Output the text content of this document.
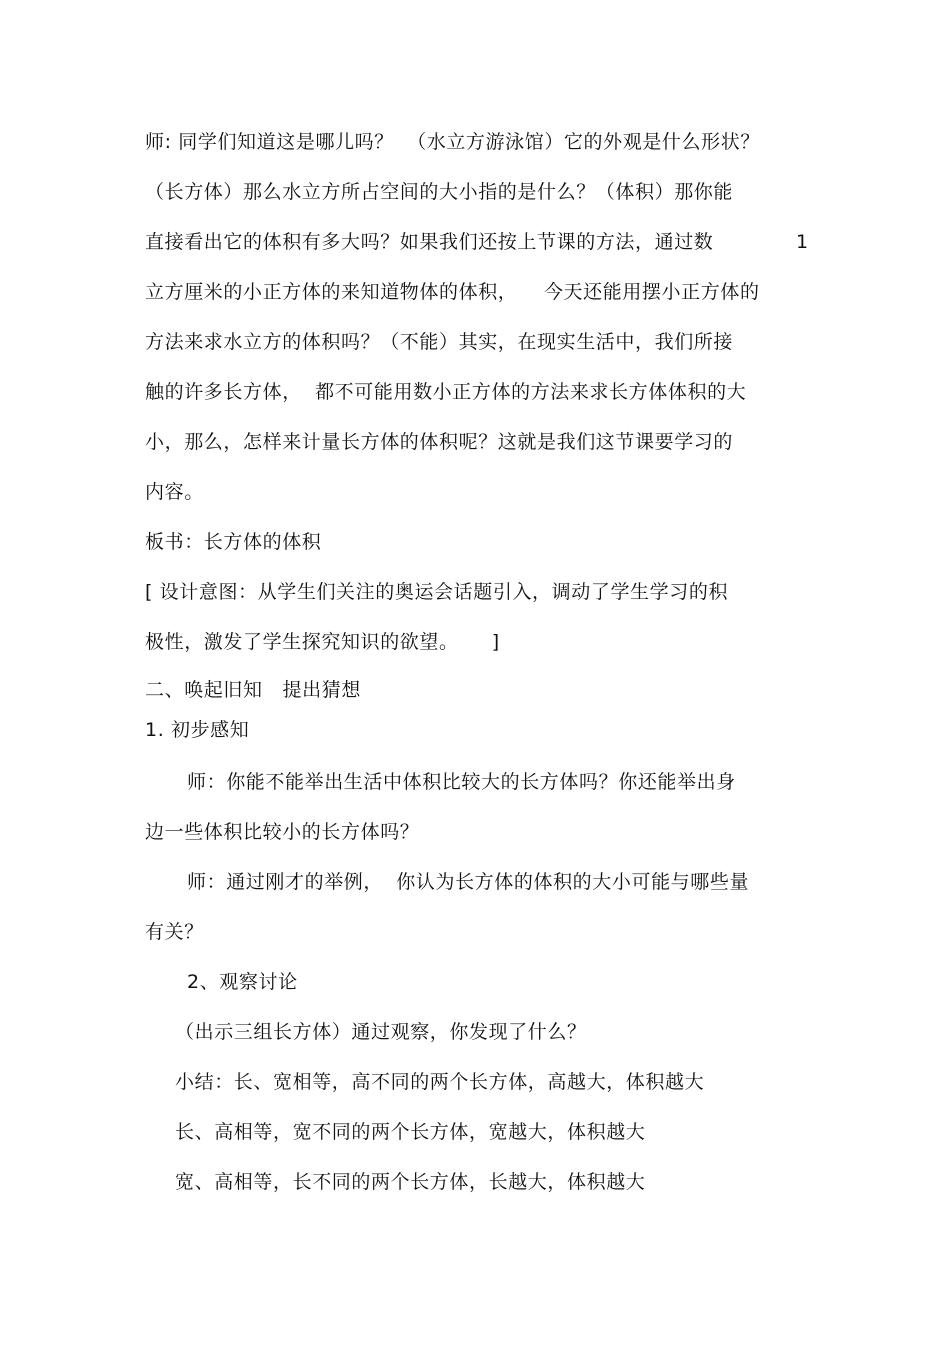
师: 同学们知道这是哪儿吗？  （水立方游泳馆）它的外观是什么形状？
（长方体）那么水立方所占空间的大小指的是什么？（体积）那你能
直接看出它的体积有多大吗？如果我们还按上节课的方法，通过数	1
立方厘米的小正方体的来知道物体的体积，    今天还能用摆小正方体的
方法来求水立方的体积吗？（不能）其实，在现实生活中，我们所接
触的许多长方体，  都不可能用数小正方体的方法来求长方体体积的大
小，那么，怎样来计量长方体的体积呢？这就是我们这节课要学习的
内容。
板书：长方体的体积
[ 设计意图：从学生们关注的奥运会话题引入，调动了学生学习的积
极性，激发了学生探究知识的欲望。     ]
二、唤起旧知   提出猜想
1. 初步感知
师：你能不能举出生活中体积比较大的长方体吗？你还能举出身
边一些体积比较小的长方体吗？
师：通过刚才的举例，  你认为长方体的体积的大小可能与哪些量
有关？
2、观察讨论
（出示三组长方体）通过观察，你发现了什么？
小结：长、宽相等，高不同的两个长方体，高越大，体积越大
长、高相等，宽不同的两个长方体，宽越大，体积越大
宽、高相等，长不同的两个长方体，长越大，体积越大
